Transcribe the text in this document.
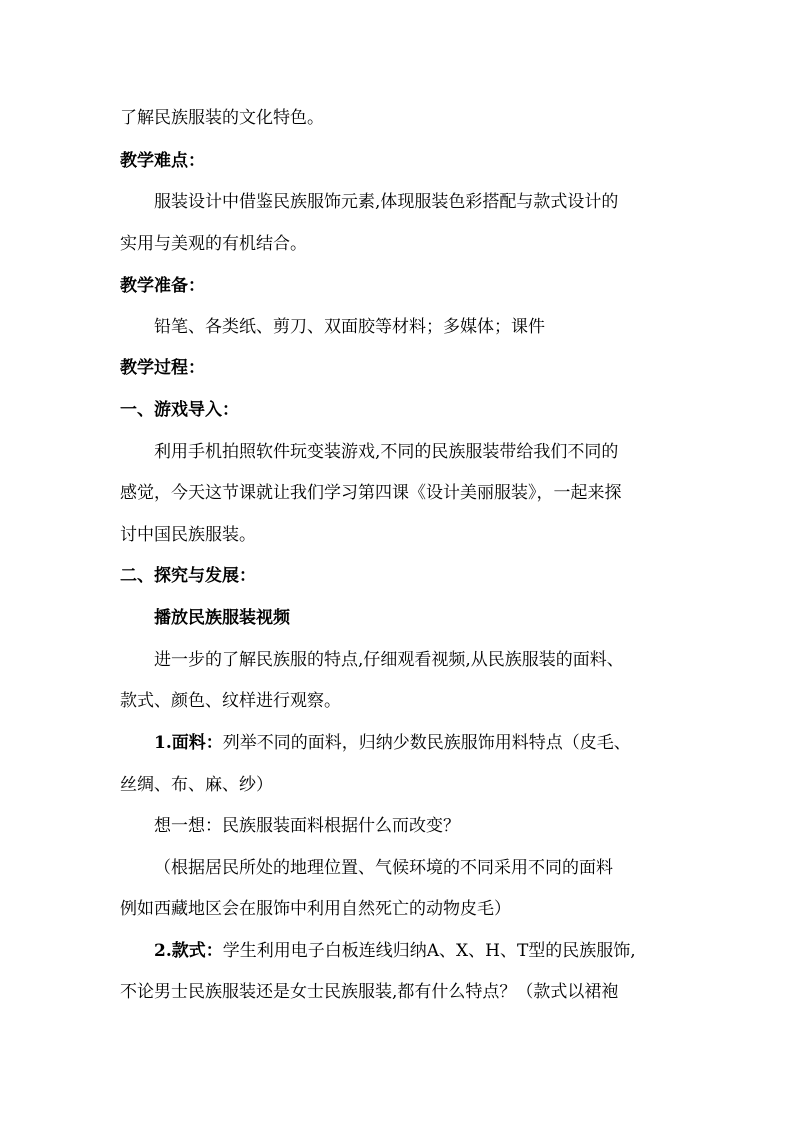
了解民族服装的文化特色。
教学难点：
服装设计中借鉴民族服饰元素,体现服装色彩搭配与款式设计的
实用与美观的有机结合。
教学准备：
铅笔、各类纸、剪刀、双面胶等材料；多媒体；课件
教学过程：
一、游戏导入：
利用手机拍照软件玩变装游戏,不同的民族服装带给我们不同的
感觉，今天这节课就让我们学习第四课《设计美丽服装》，一起来探
讨中国民族服装。
二、探究与发展：
播放民族服装视频
进一步的了解民族服的特点,仔细观看视频,从民族服装的面料、
款式、颜色、纹样进行观察。
1.面料：列举不同的面料，归纳少数民族服饰用料特点（皮毛、
丝绸、布、麻、纱）
想一想：民族服装面料根据什么而改变？
（根据居民所处的地理位置、气候环境的不同采用不同的面料
例如西藏地区会在服饰中利用自然死亡的动物皮毛）
2.款式：学生利用电子白板连线归纳A、X、H、T型的民族服饰,
不论男士民族服装还是女士民族服装,都有什么特点？（款式以裙袍
